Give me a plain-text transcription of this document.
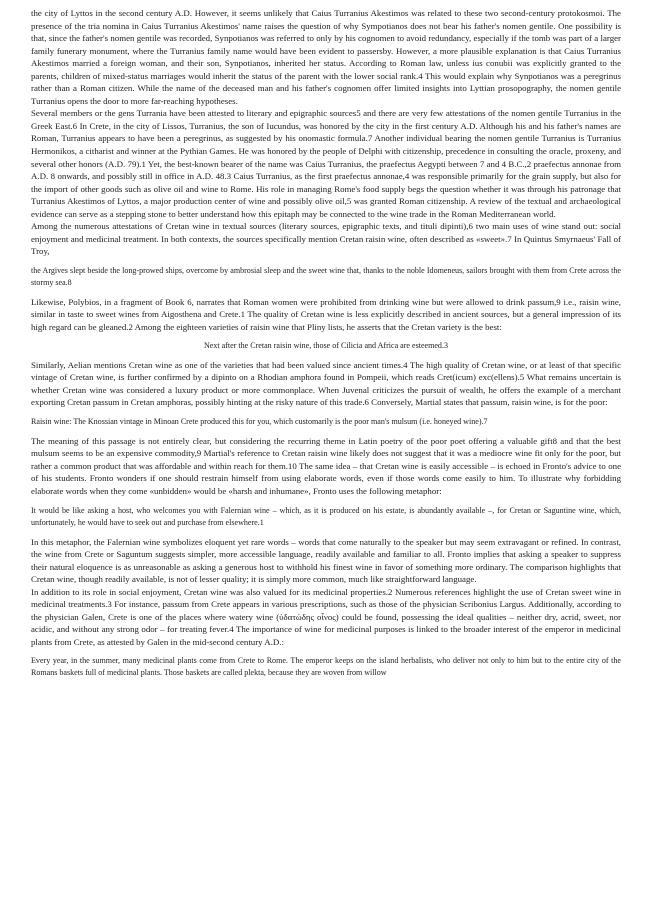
the city of Lyttos in the second century A.D. However, it seems unlikely that Caius Turranius Akestimos was related to these two second-century protokosmoi. The presence of the tria nomina in Caius Turranius Akestimos' name raises the question of why Sympotianos does not bear his father's nomen gentile. One possibility is that, since the father's nomen gentile was recorded, Synpotianos was referred to only by his cognomen to avoid redundancy, especially if the tomb was part of a larger family funerary monument, where the Turranius family name would have been evident to passersby. However, a more plausible explanation is that Caius Turranius Akestimos married a foreign woman, and their son, Synpotianos, inherited her status. According to Roman law, unless ius conubii was explicitly granted to the parents, children of mixed-status marriages would inherit the status of the parent with the lower social rank.4 This would explain why Synpotianos was a peregrinus rather than a Roman citizen. While the name of the deceased man and his father's cognomen offer limited insights into Lyttian prosopography, the nomen gentile Turranius opens the door to more far-reaching hypotheses.

Several members or the gens Turrania have been attested to literary and epigraphic sources5 and there are very few attestations of the nomen gentile Turranius in the Greek East.6 In Crete, in the city of Lissos, Turranius, the son of Iucundus, was honored by the city in the first century A.D. Although his and his father's names are Roman, Turranius appears to have been a peregrinus, as suggested by his onomastic formula.7 Another individual bearing the nomen gentile Turranius is Turranius Hermonikos, a citharist and winner at the Pythian Games. He was honored by the people of Delphi with citizenship, precedence in consulting the oracle, proxeny, and several other honors (A.D. 79).1 Yet, the best-known bearer of the name was Caius Turranius, the praefectus Aegypti between 7 and 4 B.C.,2 praefectus annonae from A.D. 8 onwards, and possibly still in office in A.D. 48.3 Caius Turranius, as the first praefectus annonae,4 was responsible primarily for the grain supply, but also for the import of other goods such as olive oil and wine to Rome. His role in managing Rome's food supply begs the question whether it was through his patronage that Turranius Akestimos of Lyttos, a major production center of wine and possibly olive oil,5 was granted Roman citizenship. A review of the textual and archaeological evidence can serve as a stepping stone to better understand how this epitaph may be connected to the wine trade in the Roman Mediterranean world.

Among the numerous attestations of Cretan wine in textual sources (literary sources, epigraphic texts, and tituli dipinti),6 two main uses of wine stand out: social enjoyment and medicinal treatment. In both contexts, the sources specifically mention Cretan raisin wine, often described as «sweet».7 In Quintus Smyrnaeus' Fall of Troy,

the Argives slept beside the long-prowed ships, overcome by ambrosial sleep and the sweet wine that, thanks to the noble Idomeneus, sailors brought with them from Crete across the stormy sea.8

Likewise, Polybios, in a fragment of Book 6, narrates that Roman women were prohibited from drinking wine but were allowed to drink passum,9 i.e., raisin wine, similar in taste to sweet wines from Aigosthena and Crete.1 The quality of Cretan wine is less explicitly described in ancient sources, but a general impression of its high regard can be gleaned.2 Among the eighteen varieties of raisin wine that Pliny lists, he asserts that the Cretan variety is the best:

Next after the Cretan raisin wine, those of Cilicia and Africa are esteemed.3

Similarly, Aelian mentions Cretan wine as one of the varieties that had been valued since ancient times.4 The high quality of Cretan wine, or at least of that specific vintage of Cretan wine, is further confirmed by a dipinto on a Rhodian amphora found in Pompeii, which reads Cret(icum) exc(ellens).5 What remains uncertain is whether Cretan wine was considered a luxury product or more commonplace. When Juvenal criticizes the pursuit of wealth, he offers the example of a merchant exporting Cretan passum in Cretan amphoras, possibly hinting at the risky nature of this trade.6 Conversely, Martial states that passum, raisin wine, is for the poor:

Raisin wine: The Knossian vintage in Minoan Crete produced this for you, which customarily is the poor man's mulsum (i.e. honeyed wine).7

The meaning of this passage is not entirely clear, but considering the recurring theme in Latin poetry of the poor poet offering a valuable gift8 and that the best mulsum seems to be an expensive commodity,9 Martial's reference to Cretan raisin wine likely does not suggest that it was a mediocre wine fit only for the poor, but rather a common product that was affordable and within reach for them.10 The same idea – that Cretan wine is easily accessible – is echoed in Fronto's advice to one of his students. Fronto wonders if one should restrain himself from using elaborate words, even if those words come easily to him. To illustrate why forbidding elaborate words when they come «unbidden» would be «harsh and inhumane», Fronto uses the following metaphor:

It would be like asking a host, who welcomes you with Falernian wine – which, as it is produced on his estate, is abundantly available –, for Cretan or Saguntine wine, which, unfortunately, he would have to seek out and purchase from elsewhere.1

In this metaphor, the Falernian wine symbolizes eloquent yet rare words – words that come naturally to the speaker but may seem extravagant or refined. In contrast, the wine from Crete or Saguntum suggests simpler, more accessible language, readily available and familiar to all. Fronto implies that asking a speaker to suppress their natural eloquence is as unreasonable as asking a generous host to withhold his finest wine in favor of something more ordinary. The comparison highlights that Cretan wine, though readily available, is not of lesser quality; it is simply more common, much like straightforward language.

In addition to its role in social enjoyment, Cretan wine was also valued for its medicinal properties.2 Numerous references highlight the use of Cretan sweet wine in medicinal treatments.3 For instance, passum from Crete appears in various prescriptions, such as those of the physician Scribonius Largus. Additionally, according to the physician Galen, Crete is one of the places where watery wine (ὑδατώδης οἶνος) could be found, possessing the ideal qualities – neither dry, acrid, sweet, nor acidic, and without any strong odor – for treating fever.4 The importance of wine for medicinal purposes is linked to the broader interest of the emperor in medicinal plants from Crete, as attested by Galen in the mid-second century A.D.:

Every year, in the summer, many medicinal plants come from Crete to Rome. The emperor keeps on the island herbalists, who deliver not only to him but to the entire city of the Romans baskets full of medicinal plants. Those baskets are called plekta, because they are woven from willow
